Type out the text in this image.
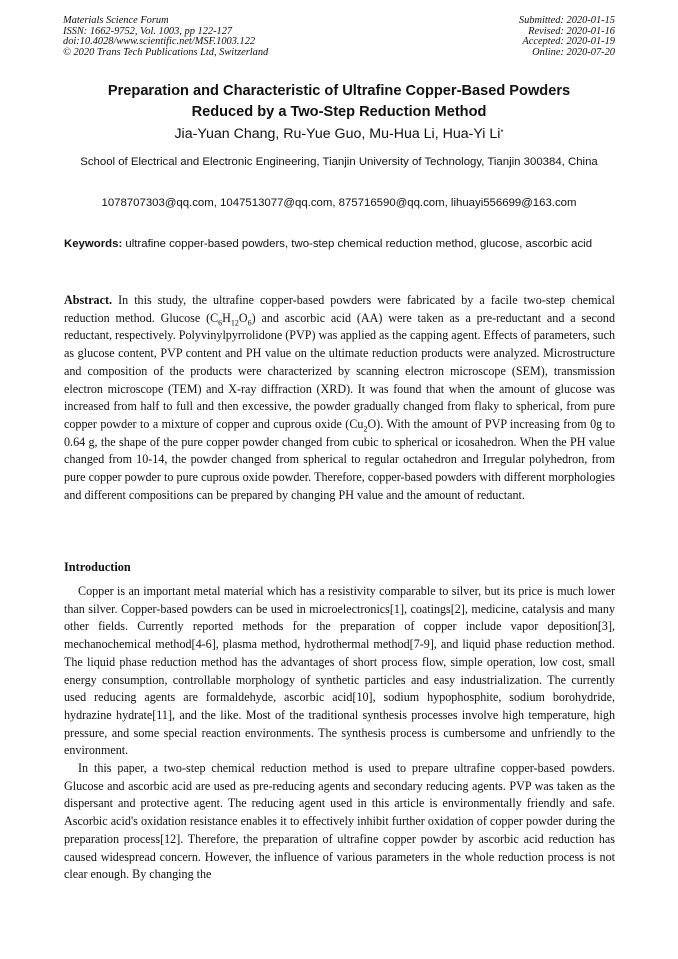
Materials Science Forum
ISSN: 1662-9752, Vol. 1003, pp 122-127
doi:10.4028/www.scientific.net/MSF.1003.122
© 2020 Trans Tech Publications Ltd, Switzerland
Submitted: 2020-01-15
Revised: 2020-01-16
Accepted: 2020-01-19
Online: 2020-07-20
Preparation and Characteristic of Ultrafine Copper-Based Powders
Reduced by a Two-Step Reduction Method
Jia-Yuan Chang, Ru-Yue Guo, Mu-Hua Li, Hua-Yi Li*
School of Electrical and Electronic Engineering, Tianjin University of Technology, Tianjin 300384, China
1078707303@qq.com, 1047513077@qq.com, 875716590@qq.com, lihuayi556699@163.com
Keywords: ultrafine copper-based powders, two-step chemical reduction method, glucose, ascorbic acid
Abstract. In this study, the ultrafine copper-based powders were fabricated by a facile two-step chemical reduction method. Glucose $(C_6H_{12}O_6)$ and ascorbic acid (AA) were taken as a pre-reductant and a second reductant, respectively. Polyvinylpyrrolidone (PVP) was applied as the capping agent. Effects of parameters, such as glucose content, PVP content and PH value on the ultimate reduction products were analyzed. Microstructure and composition of the products were characterized by scanning electron microscope (SEM), transmission electron microscope (TEM) and X-ray diffraction (XRD). It was found that when the amount of glucose was increased from half to full and then excessive, the powder gradually changed from flaky to spherical, from pure copper powder to a mixture of copper and cuprous oxide $(Cu_2O)$. With the amount of PVP increasing from 0g to 0.64 g, the shape of the pure copper powder changed from cubic to spherical or icosahedron. When the PH value changed from 10-14, the powder changed from spherical to regular octahedron and Irregular polyhedron, from pure copper powder to pure cuprous oxide powder. Therefore, copper-based powders with different morphologies and different compositions can be prepared by changing PH value and the amount of reductant.
Introduction

Copper is an important metal material which has a resistivity comparable to silver, but its price is much lower than silver. Copper-based powders can be used in microelectronics[1], coatings[2], medicine, catalysis and many other fields. Currently reported methods for the preparation of copper include vapor deposition[3], mechanochemical method[4-6], plasma method, hydrothermal method[7-9], and liquid phase reduction method. The liquid phase reduction method has the advantages of short process flow, simple operation, low cost, small energy consumption, controllable morphology of synthetic particles and easy industrialization. The currently used reducing agents are formaldehyde, ascorbic acid[10], sodium hypophosphite, sodium borohydride, hydrazine hydrate[11], and the like. Most of the traditional synthesis processes involve high temperature, high pressure, and some special reaction environments. The synthesis process is cumbersome and unfriendly to the environment.

In this paper, a two-step chemical reduction method is used to prepare ultrafine copper-based powders. Glucose and ascorbic acid are used as pre-reducing agents and secondary reducing agents. PVP was taken as the dispersant and protective agent. The reducing agent used in this article is environmentally friendly and safe. Ascorbic acid's oxidation resistance enables it to effectively inhibit further oxidation of copper powder during the preparation process[12]. Therefore, the preparation of ultrafine copper powder by ascorbic acid reduction has caused widespread concern. However, the influence of various parameters in the whole reduction process is not clear enough. By changing the
